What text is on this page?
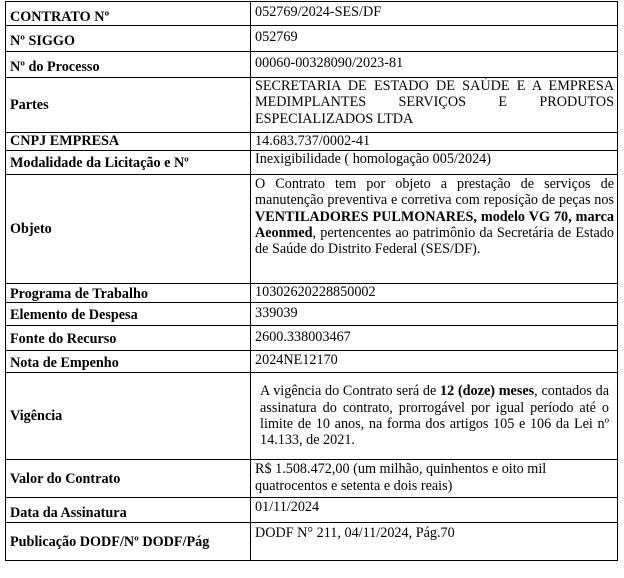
CONTRATO Nº	052769/2024-SES/DF
Nº SIGGO	052769
Nº do Processo	00060-00328090/2023-81
Partes	SECRETARIA DE ESTADO DE SAÚDE E A EMPRESA MEDIMPLANTES SERVIÇOS E PRODUTOS ESPECIALIZADOS LTDA
CNPJ EMPRESA	14.683.737/0002-41
Modalidade da Licitação e Nº	Inexigibilidade ( homologação 005/2024)
Objeto	O Contrato tem por objeto a prestação de serviços de manutenção preventiva e corretiva com reposição de peças nos VENTILADORES PULMONARES, modelo VG 70, marca Aeonmed, pertencentes ao patrimônio da Secretária de Estado de Saúde do Distrito Federal (SES/DF).
Programa de Trabalho	10302620228850002
Elemento de Despesa	339039
Fonte do Recurso	2600.338003467
Nota de Empenho	2024NE12170
Vigência	A vigência do Contrato será de 12 (doze) meses, contados da assinatura do contrato, prorrogável por igual período até o limite de 10 anos, na forma dos artigos 105 e 106 da Lei nº 14.133, de 2021.
Valor do Contrato	R$ 1.508.472,00 (um milhão, quinhentos e oito mil quatrocentos e setenta e dois reais)
Data da Assinatura	01/11/2024
Publicação DODF/Nº DODF/Pág	DODF N° 211, 04/11/2024, Pág.70
